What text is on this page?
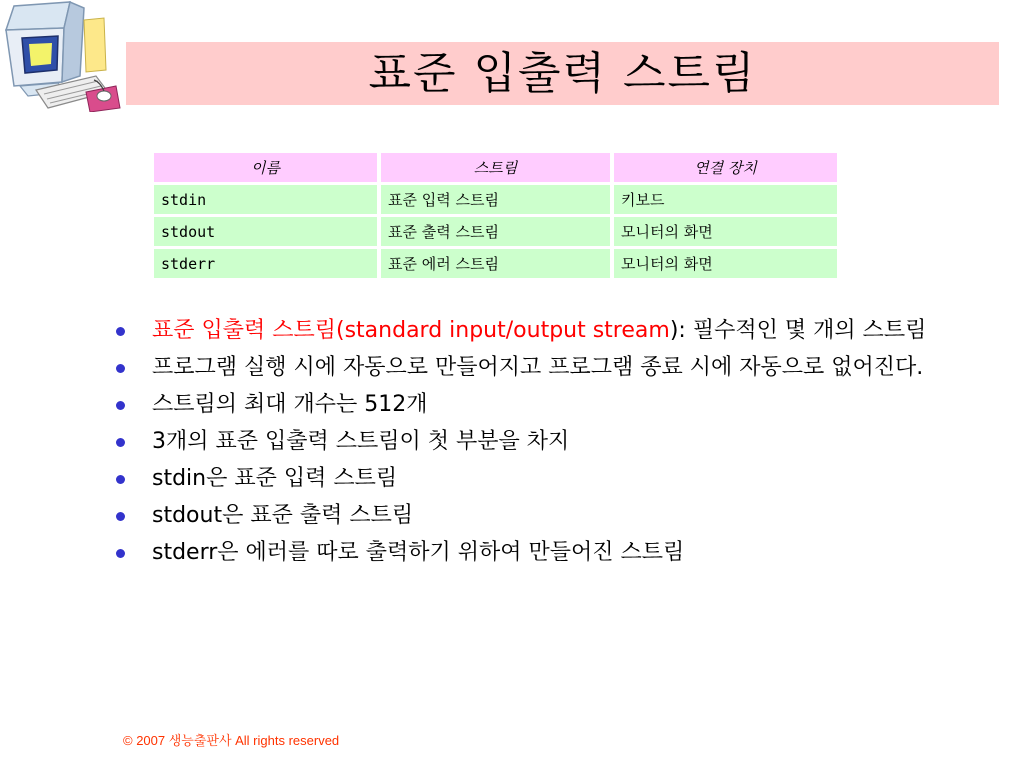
표준 입출력 스트림
이름	스트림	연결 장치
stdin	표준 입력 스트림	키보드
stdout	표준 출력 스트림	모니터의 화면
stderr	표준 에러 스트림	모니터의 화면
표준 입출력 스트림(standard input/output stream): 필수적인 몇 개의 스트림
프로그램 실행 시에 자동으로 만들어지고 프로그램 종료 시에 자동으로 없어진다.
스트림의 최대 개수는 512개
3개의 표준 입출력 스트림이 첫 부분을 차지
stdin은 표준 입력 스트림
stdout은 표준 출력 스트림
stderr은 에러를 따로 출력하기 위하여 만들어진 스트림
© 2007 생능출판사 All rights reserved
